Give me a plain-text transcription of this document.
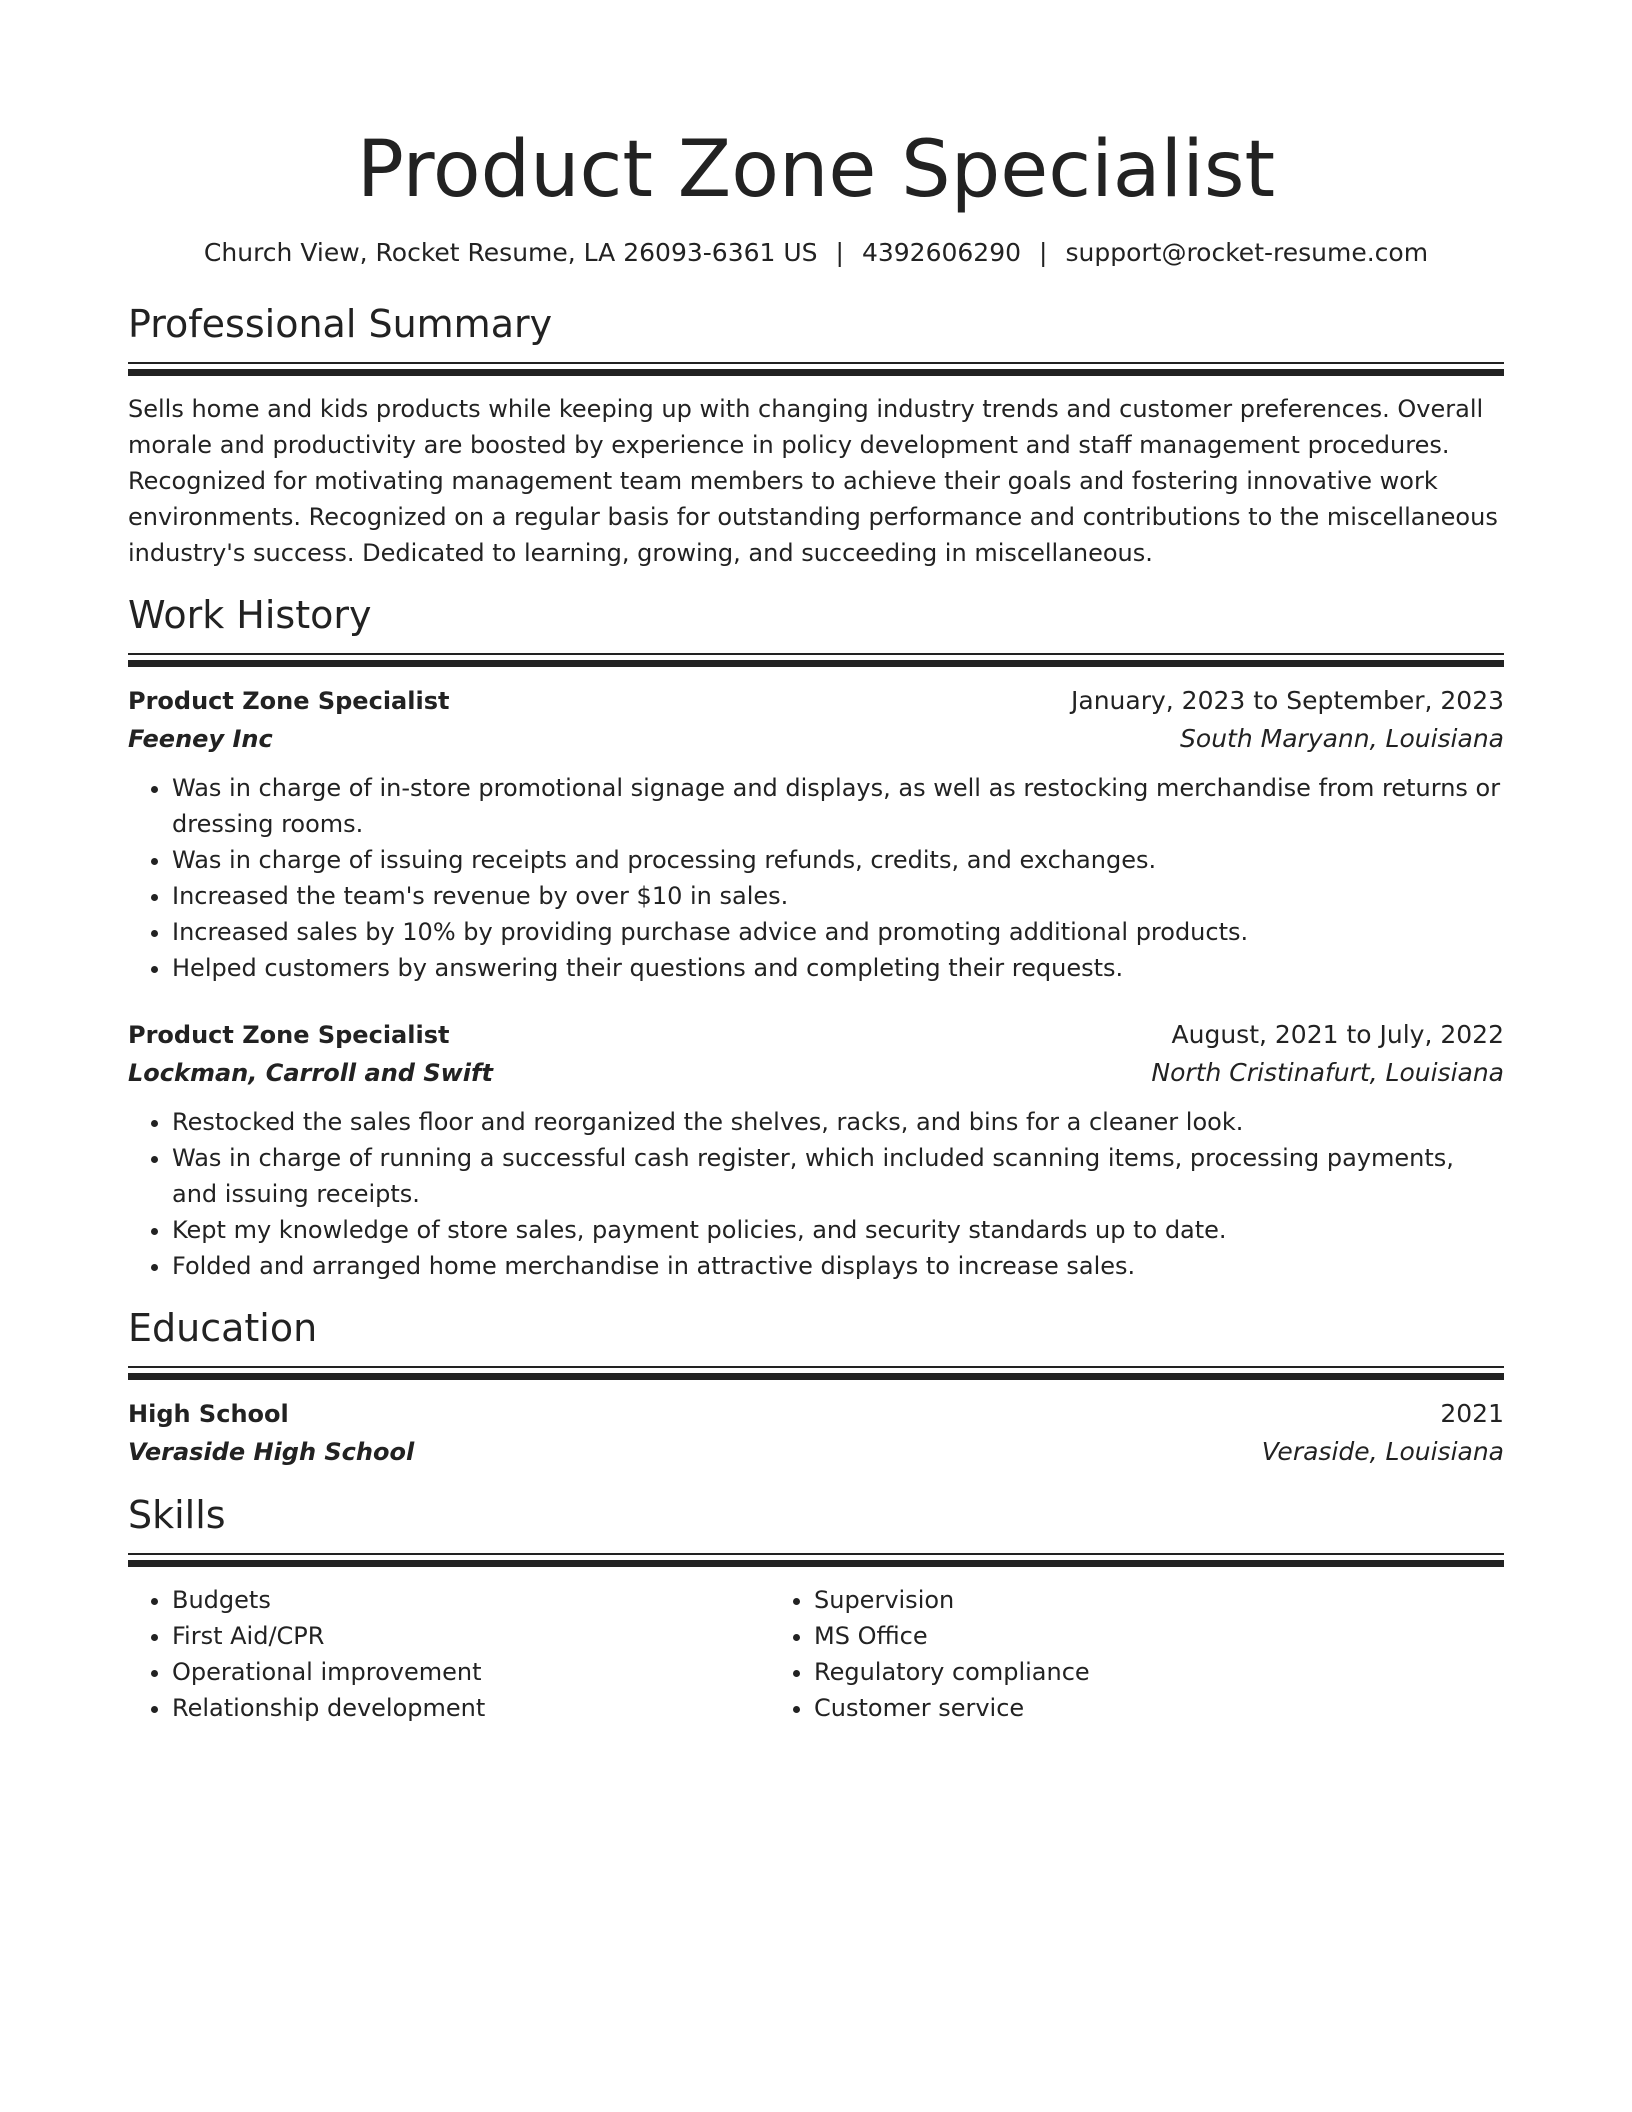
Product Zone Specialist
Church View, Rocket Resume, LA 26093-6361 US | 4392606290 | support@rocket-resume.com
Professional Summary

Sells home and kids products while keeping up with changing industry trends and customer preferences. Overall morale and productivity are boosted by experience in policy development and staff management procedures. Recognized for motivating management team members to achieve their goals and fostering innovative work environments. Recognized on a regular basis for outstanding performance and contributions to the miscellaneous industry's success. Dedicated to learning, growing, and succeeding in miscellaneous.

Work History
Product Zone Specialist	January, 2023 to September, 2023
Feeney Inc	South Maryann, Louisiana
• Was in charge of in-store promotional signage and displays, as well as restocking merchandise from returns or dressing rooms.
• Was in charge of issuing receipts and processing refunds, credits, and exchanges.
• Increased the team's revenue by over $10 in sales.
• Increased sales by 10% by providing purchase advice and promoting additional products.
• Helped customers by answering their questions and completing their requests.
Product Zone Specialist	August, 2021 to July, 2022
Lockman, Carroll and Swift	North Cristinafurt, Louisiana
• Restocked the sales floor and reorganized the shelves, racks, and bins for a cleaner look.
• Was in charge of running a successful cash register, which included scanning items, processing payments, and issuing receipts.
• Kept my knowledge of store sales, payment policies, and security standards up to date.
• Folded and arranged home merchandise in attractive displays to increase sales.
Education
High School	2021
Veraside High School	Veraside, Louisiana
Skills
• Budgets
• First Aid/CPR
• Operational improvement
• Relationship development
• Supervision
• MS Office
• Regulatory compliance
• Customer service
